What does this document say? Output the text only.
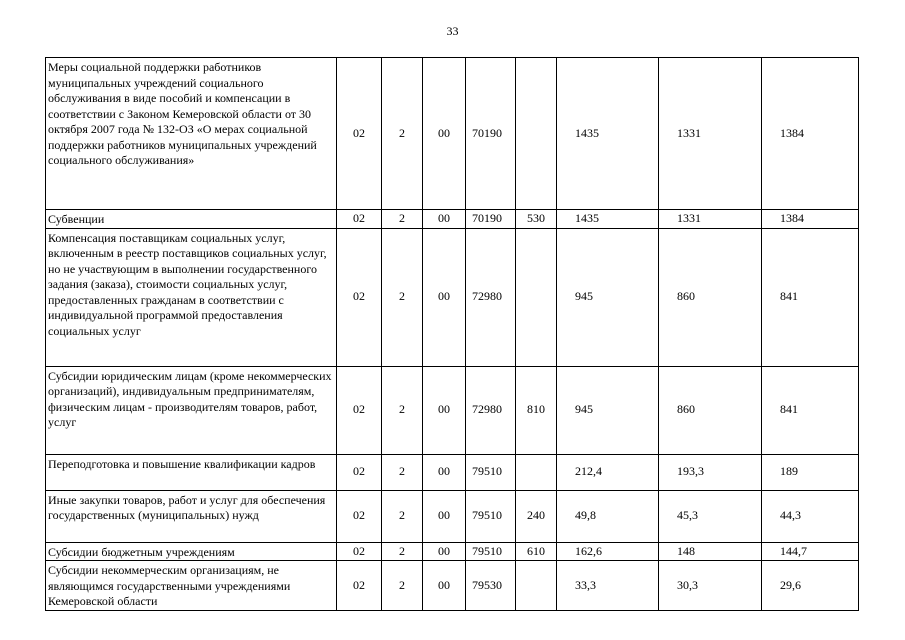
33
Меры социальной поддержки работников муниципальных учреждений социального обслуживания в виде пособий и компенсации в соответствии с Законом Кемеровской области от 30 октября 2007 года № 132-ОЗ «О мерах социальной поддержки работников муниципальных учреждений социального обслуживания»	02	2	00	70190		1435	1331	1384
Субвенции	02	2	00	70190	530	1435	1331	1384
Компенсация поставщикам социальных услуг, включенным в реестр поставщиков социальных услуг, но не участвующим в выполнении государственного задания (заказа), стоимости социальных услуг, предоставленных гражданам в соответствии с индивидуальной программой предоставления социальных услуг	02	2	00	72980		945	860	841
Субсидии юридическим лицам (кроме некоммерческих организаций), индивидуальным предпринимателям, физическим лицам - производителям товаров, работ, услуг	02	2	00	72980	810	945	860	841
Переподготовка и повышение квалификации кадров	02	2	00	79510		212,4	193,3	189
Иные закупки товаров, работ и услуг для обеспечения государственных (муниципальных) нужд	02	2	00	79510	240	49,8	45,3	44,3
Субсидии бюджетным учреждениям	02	2	00	79510	610	162,6	148	144,7
Субсидии некоммерческим организациям, не являющимся государственными учреждениями Кемеровской области	02	2	00	79530		33,3	30,3	29,6
